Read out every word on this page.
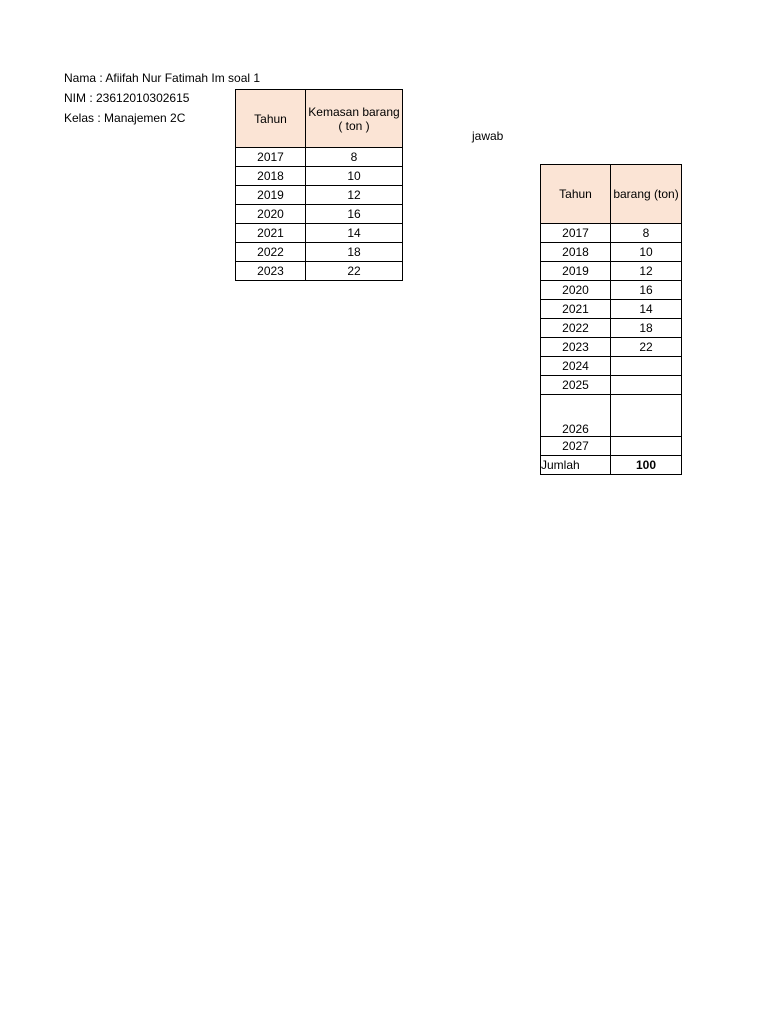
Nama : Afiifah Nur Fatimah Im soal 1
NIM : 23612010302615
Kelas : Manajemen 2C
jawab
Tahun	Kemasan barang ( ton )
2017	8
2018	10
2019	12
2020	16
2021	14
2022	18
2023	22
Tahun	barang (ton)
2017	8
2018	10
2019	12
2020	16
2021	14
2022	18
2023	22
2024	
2025	
2026	
2027	
Jumlah	100
